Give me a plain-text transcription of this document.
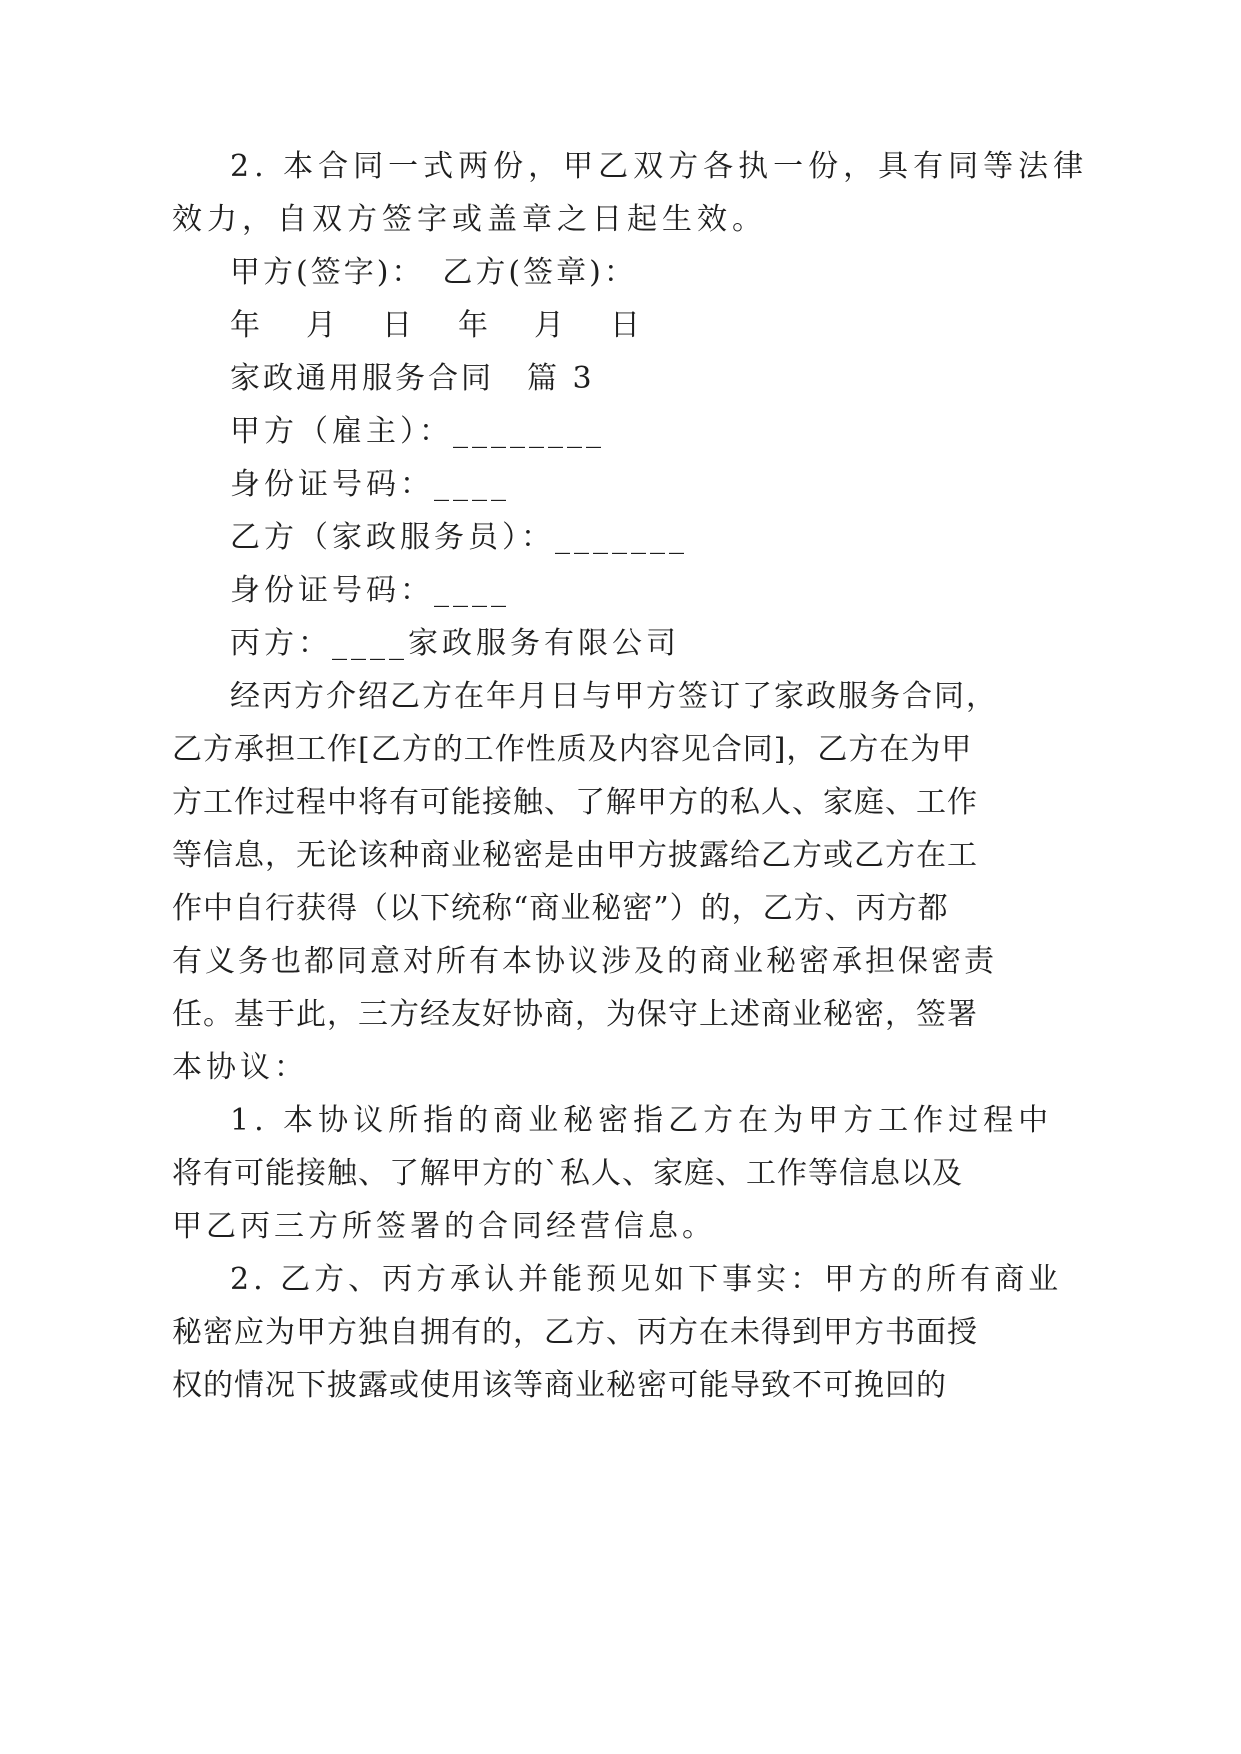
2. 本合同一式两份，甲乙双方各执一份，具有同等法律
效力，自双方签字或盖章之日起生效。
甲方(签字)：　乙方(签章)：
年　月　日　年　月　日
家政通用服务合同　篇 3
甲方（雇主）：________
身份证号码：____
乙方（家政服务员）：_______
身份证号码：____
丙方：____家政服务有限公司
经丙方介绍乙方在年月日与甲方签订了家政服务合同，
乙方承担工作[乙方的工作性质及内容见合同]，乙方在为甲
方工作过程中将有可能接触、了解甲方的私人、家庭、工作
等信息，无论该种商业秘密是由甲方披露给乙方或乙方在工
作中自行获得（以下统称“商业秘密”）的，乙方、丙方都
有义务也都同意对所有本协议涉及的商业秘密承担保密责
任。基于此，三方经友好协商，为保守上述商业秘密，签署
本协议：
1. 本协议所指的商业秘密指乙方在为甲方工作过程中
将有可能接触、了解甲方的`私人、家庭、工作等信息以及
甲乙丙三方所签署的合同经营信息。
2. 乙方、丙方承认并能预见如下事实：甲方的所有商业
秘密应为甲方独自拥有的，乙方、丙方在未得到甲方书面授
权的情况下披露或使用该等商业秘密可能导致不可挽回的
